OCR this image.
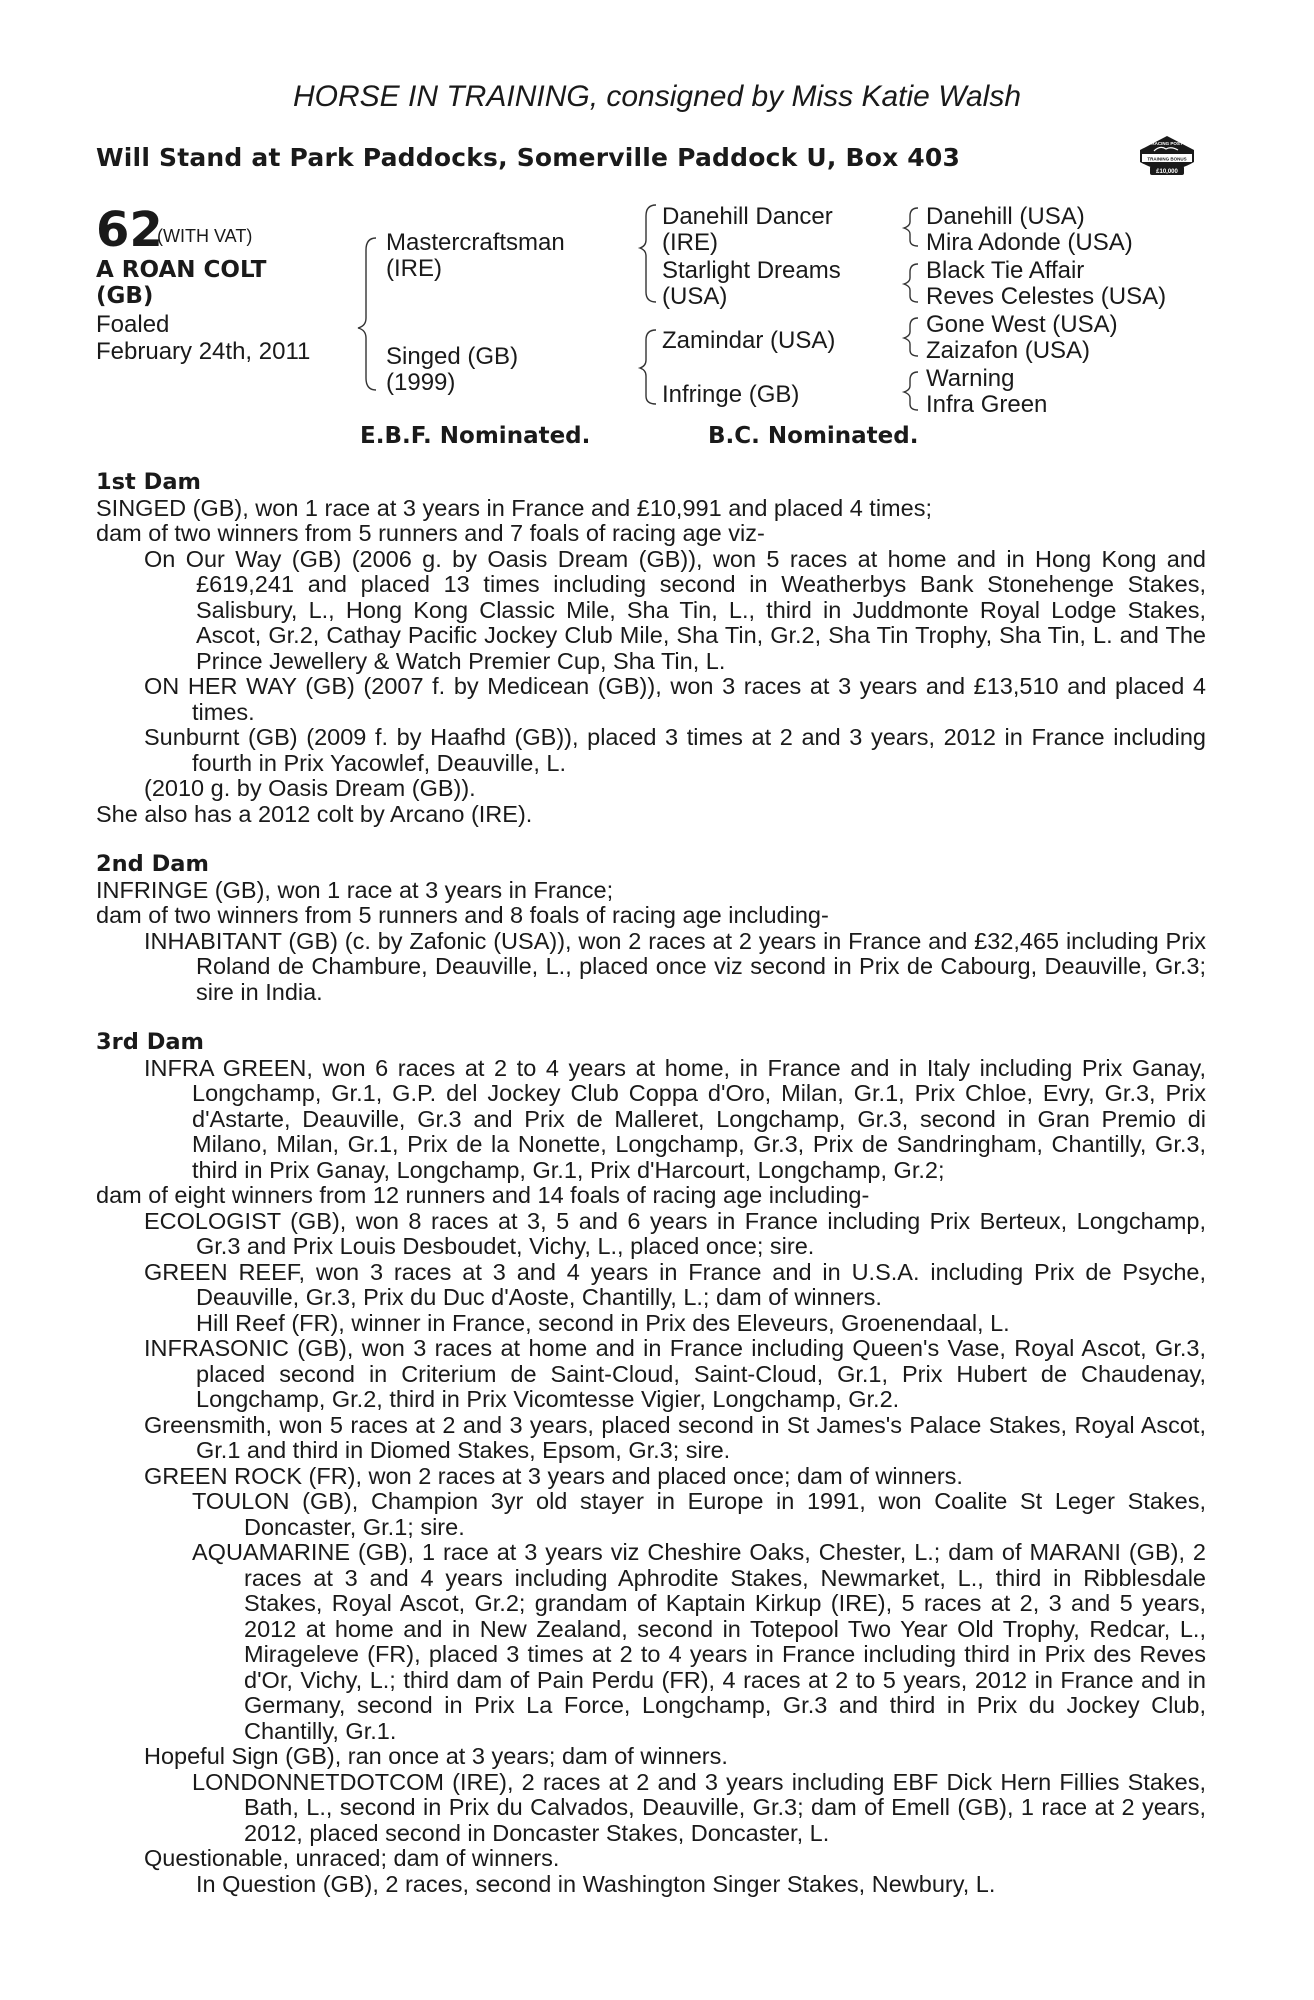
HORSE IN TRAINING, consigned by Miss Katie Walsh
Will Stand at Park Paddocks, Somerville Paddock U, Box 403	RACING POST
TRAINING BONUS
£10,000
62
(WITH VAT)
A ROAN COLT
(GB)
Foaled
February 24th, 2011
Mastercraftsman
(IRE)
Singed (GB)
(1999)
Danehill Dancer
(IRE)
Starlight Dreams
(USA)
Zamindar (USA)
Infringe (GB)
Danehill (USA)
Mira Adonde (USA)
Black Tie Affair
Reves Celestes (USA)
Gone West (USA)
Zaizafon (USA)
Warning
Infra Green
E.B.F. Nominated.	B.C. Nominated.

1st Dam

SINGED (GB), won 1 race at 3 years in France and £10,991 and placed 4 times;

dam of two winners from 5 runners and 7 foals of racing age viz-

On Our Way (GB) (2006 g. by Oasis Dream (GB)), won 5 races at home and in Hong Kong and £619,241 and placed 13 times including second in Weatherbys Bank Stonehenge Stakes, Salisbury, L., Hong Kong Classic Mile, Sha Tin, L., third in Juddmonte Royal Lodge Stakes, Ascot, Gr.2, Cathay Pacific Jockey Club Mile, Sha Tin, Gr.2, Sha Tin Trophy, Sha Tin, L. and The Prince Jewellery & Watch Premier Cup, Sha Tin, L.

ON HER WAY (GB) (2007 f. by Medicean (GB)), won 3 races at 3 years and £13,510 and placed 4 times.

Sunburnt (GB) (2009 f. by Haafhd (GB)), placed 3 times at 2 and 3 years, 2012 in France including fourth in Prix Yacowlef, Deauville, L.

(2010 g. by Oasis Dream (GB)).

She also has a 2012 colt by Arcano (IRE).

2nd Dam

INFRINGE (GB), won 1 race at 3 years in France;

dam of two winners from 5 runners and 8 foals of racing age including-

INHABITANT (GB) (c. by Zafonic (USA)), won 2 races at 2 years in France and £32,465 including Prix Roland de Chambure, Deauville, L., placed once viz second in Prix de Cabourg, Deauville, Gr.3; sire in India.

3rd Dam

INFRA GREEN, won 6 races at 2 to 4 years at home, in France and in Italy including Prix Ganay, Longchamp, Gr.1, G.P. del Jockey Club Coppa d'Oro, Milan, Gr.1, Prix Chloe, Evry, Gr.3, Prix d'Astarte, Deauville, Gr.3 and Prix de Malleret, Longchamp, Gr.3, second in Gran Premio di Milano, Milan, Gr.1, Prix de la Nonette, Longchamp, Gr.3, Prix de Sandringham, Chantilly, Gr.3, third in Prix Ganay, Longchamp, Gr.1, Prix d'Harcourt, Longchamp, Gr.2;

dam of eight winners from 12 runners and 14 foals of racing age including-

ECOLOGIST (GB), won 8 races at 3, 5 and 6 years in France including Prix Berteux, Longchamp, Gr.3 and Prix Louis Desboudet, Vichy, L., placed once; sire.

GREEN REEF, won 3 races at 3 and 4 years in France and in U.S.A. including Prix de Psyche, Deauville, Gr.3, Prix du Duc d'Aoste, Chantilly, L.; dam of winners.

Hill Reef (FR), winner in France, second in Prix des Eleveurs, Groenendaal, L.

INFRASONIC (GB), won 3 races at home and in France including Queen's Vase, Royal Ascot, Gr.3, placed second in Criterium de Saint-Cloud, Saint-Cloud, Gr.1, Prix Hubert de Chaudenay, Longchamp, Gr.2, third in Prix Vicomtesse Vigier, Longchamp, Gr.2.

Greensmith, won 5 races at 2 and 3 years, placed second in St James's Palace Stakes, Royal Ascot, Gr.1 and third in Diomed Stakes, Epsom, Gr.3; sire.

GREEN ROCK (FR), won 2 races at 3 years and placed once; dam of winners.

TOULON (GB), Champion 3yr old stayer in Europe in 1991, won Coalite St Leger Stakes, Doncaster, Gr.1; sire.

AQUAMARINE (GB), 1 race at 3 years viz Cheshire Oaks, Chester, L.; dam of MARANI (GB), 2 races at 3 and 4 years including Aphrodite Stakes, Newmarket, L., third in Ribblesdale Stakes, Royal Ascot, Gr.2; grandam of Kaptain Kirkup (IRE), 5 races at 2, 3 and 5 years, 2012 at home and in New Zealand, second in Totepool Two Year Old Trophy, Redcar, L., Mirageleve (FR), placed 3 times at 2 to 4 years in France including third in Prix des Reves d'Or, Vichy, L.; third dam of Pain Perdu (FR), 4 races at 2 to 5 years, 2012 in France and in Germany, second in Prix La Force, Longchamp, Gr.3 and third in Prix du Jockey Club, Chantilly, Gr.1.

Hopeful Sign (GB), ran once at 3 years; dam of winners.

LONDONNETDOTCOM (IRE), 2 races at 2 and 3 years including EBF Dick Hern Fillies Stakes, Bath, L., second in Prix du Calvados, Deauville, Gr.3; dam of Emell (GB), 1 race at 2 years, 2012, placed second in Doncaster Stakes, Doncaster, L.

Questionable, unraced; dam of winners.

In Question (GB), 2 races, second in Washington Singer Stakes, Newbury, L.
